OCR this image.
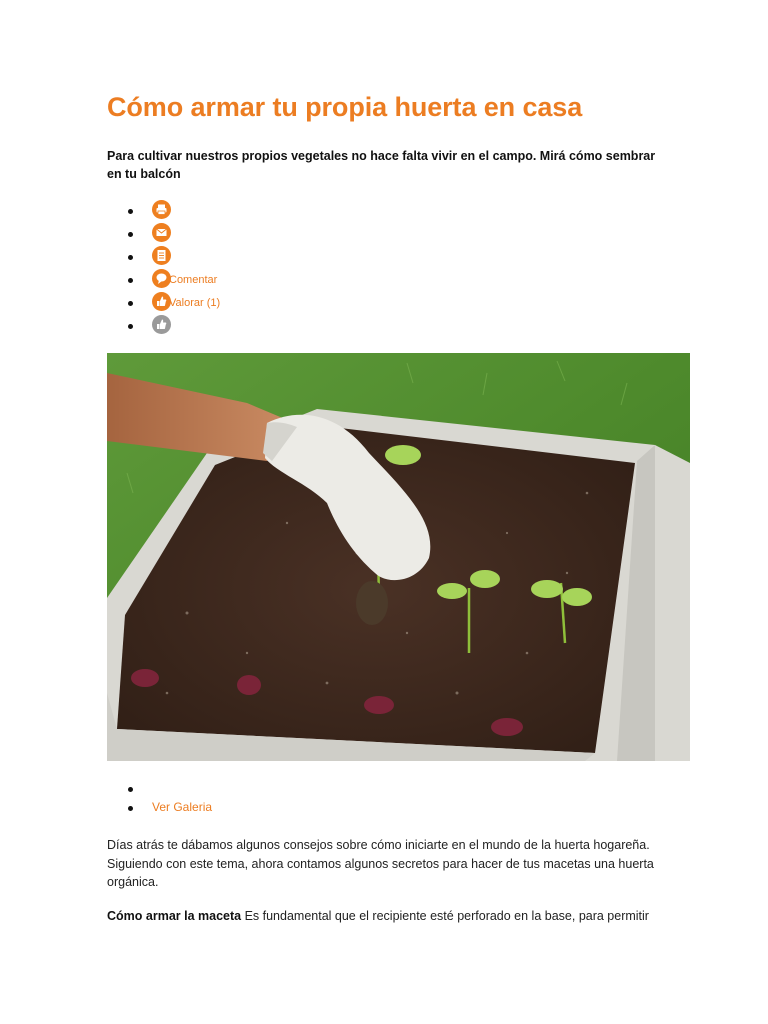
Cómo armar tu propia huerta en casa

Para cultivar nuestros propios vegetales no hace falta vivir en el campo. Mirá cómo sembrar en tu balcón

Comentar
Valorar (1)
Ver Galeria

Días atrás te dábamos algunos consejos sobre cómo iniciarte en el mundo de la huerta hogareña. Siguiendo con este tema, ahora contamos algunos secretos para hacer de tus macetas una huerta orgánica.

Cómo armar la maceta Es fundamental que el recipiente esté perforado en la base, para permitir
